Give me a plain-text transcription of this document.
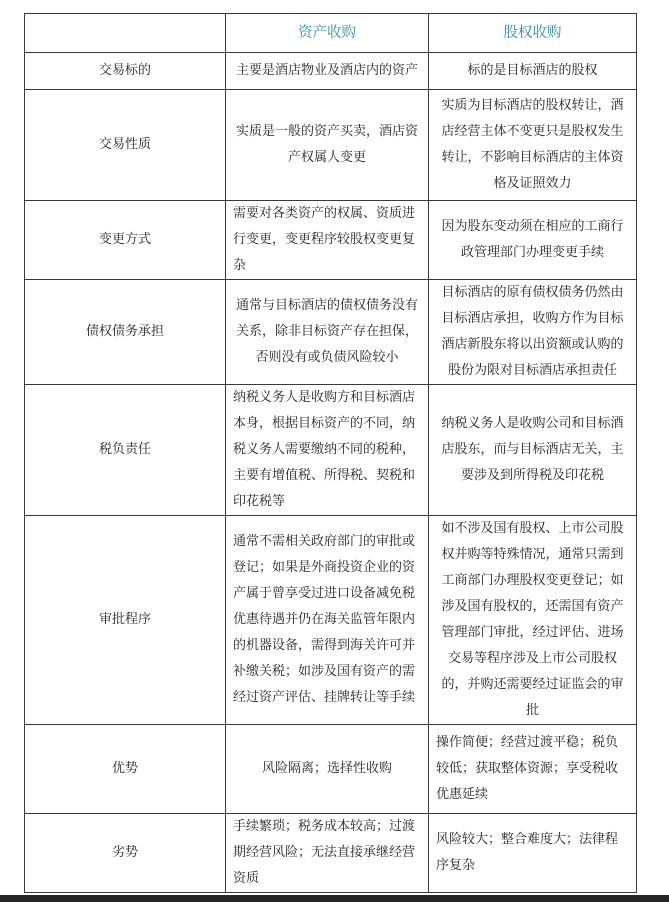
	资产收购	股权收购
交易标的	主要是酒店物业及酒店内的资产	标的是目标酒店的股权
交易性质	实质是一般的资产买卖，酒店资产权属人变更	实质为目标酒店的股权转让，酒店经营主体不变更只是股权发生转让，不影响目标酒店的主体资格及证照效力
变更方式	需要对各类资产的权属、资质进行变更，变更程序较股权变更复杂	因为股东变动须在相应的工商行政管理部门办理变更手续
债权债务承担	通常与目标酒店的债权债务没有关系，除非目标资产存在担保，否则没有或负债风险较小	目标酒店的原有债权债务仍然由目标酒店承担，收购方作为目标酒店新股东将以出资额或认购的股份为限对目标酒店承担责任
税负责任	纳税义务人是收购方和目标酒店本身，根据目标资产的不同，纳税义务人需要缴纳不同的税种，主要有增值税、所得税、契税和印花税等	纳税义务人是收购公司和目标酒店股东，而与目标酒店无关，主要涉及到所得税及印花税
审批程序	通常不需相关政府部门的审批或登记；如果是外商投资企业的资产属于曾享受过进口设备减免税优惠待遇并仍在海关监管年限内的机器设备，需得到海关许可并补缴关税；如涉及国有资产的需经过资产评估、挂牌转让等手续	如不涉及国有股权、上市公司股权并购等特殊情况，通常只需到工商部门办理股权变更登记；如涉及国有股权的，还需国有资产管理部门审批，经过评估、进场交易等程序涉及上市公司股权的，并购还需要经过证监会的审批
优势	风险隔离；选择性收购	操作简便；经营过渡平稳；税负较低；获取整体资源；享受税收优惠延续
劣势	手续繁琐；税务成本较高；过渡期经营风险；无法直接承继经营资质	风险较大；整合难度大；法律程序复杂
